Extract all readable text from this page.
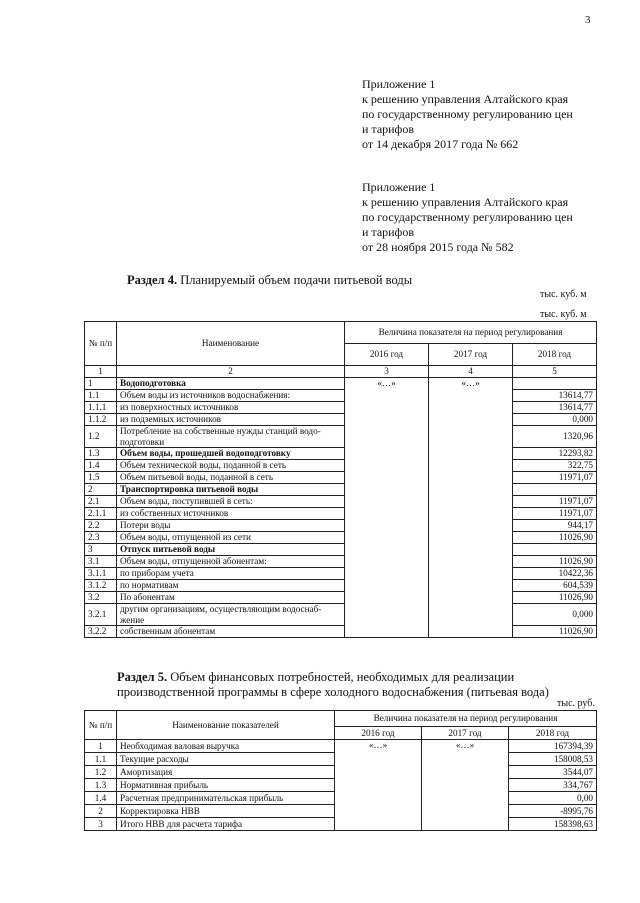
3
Приложение 1
к решению управления Алтайского края
по государственному регулированию цен
и тарифов
от 14 декабря 2017 года № 662
Приложение 1
к решению управления Алтайского края
по государственному регулированию цен
и тарифов
от 28 ноября 2015 года № 582
Раздел 4. Планируемый объем подачи питьевой воды
тыс. куб. м
тыс. куб. м
№ п/п	Наименование	Величина показателя на период регулирования		
		2016 год	2017 год	2018 год
1	2	3	4	5
1	Водоподготовка	«…»	«…»	
1.1	Объем воды из источников водоснабжения:			13614,77
1.1.1	из поверхностных источников			13614,77
1.1.2	из подземных источников			0,000
1.2	Потребление на собственные нужды станций водо-подготовки			1320,96
1.3	Объем воды, прошедшей водоподготовку			12293,82
1.4	Объем технической воды, поданной в сеть			322,75
1.5	Объем питьевой воды, поданной в сеть			11971,07
2	Транспортировка питьевой воды			
2.1	Объем воды, поступившей в сеть:			11971,07
2.1.1	из собственных источников			11971,07
2.2	Потери воды			944,17
2.3	Объем воды, отпущенной из сети			11026,90
3	Отпуск питьевой воды			
3.1	Объем воды, отпущенной абонентам:			11026,90
3.1.1	по приборам учета			10422,36
3.1.2	по нормативам			604,539
3.2	По абонентам			11026,90
3.2.1	другим организациям, осуществляющим водоснаб-жение			0,000
3.2.2	собственным абонентам			11026,90
Раздел 5. Объем финансовых потребностей, необходимых для реализации производственной программы в сфере холодного водоснабжения (питьевая вода)
тыс. руб.
№ п/п	Наименование показателей	Величина показателя на период регулирования		
		2016 год	2017 год	2018 год
1	Необходимая валовая выручка	«…»	«…»	167394,39
1.1	Текущие расходы			158008,53
1.2	Амортизация			3544,07
1.3	Нормативная прибыль			334,767
1.4	Расчетная предпринимательская прибыль			0,00
2	Корректировка НВВ			-8995,76
3	Итого НВВ для расчета тарифа			158398,63
